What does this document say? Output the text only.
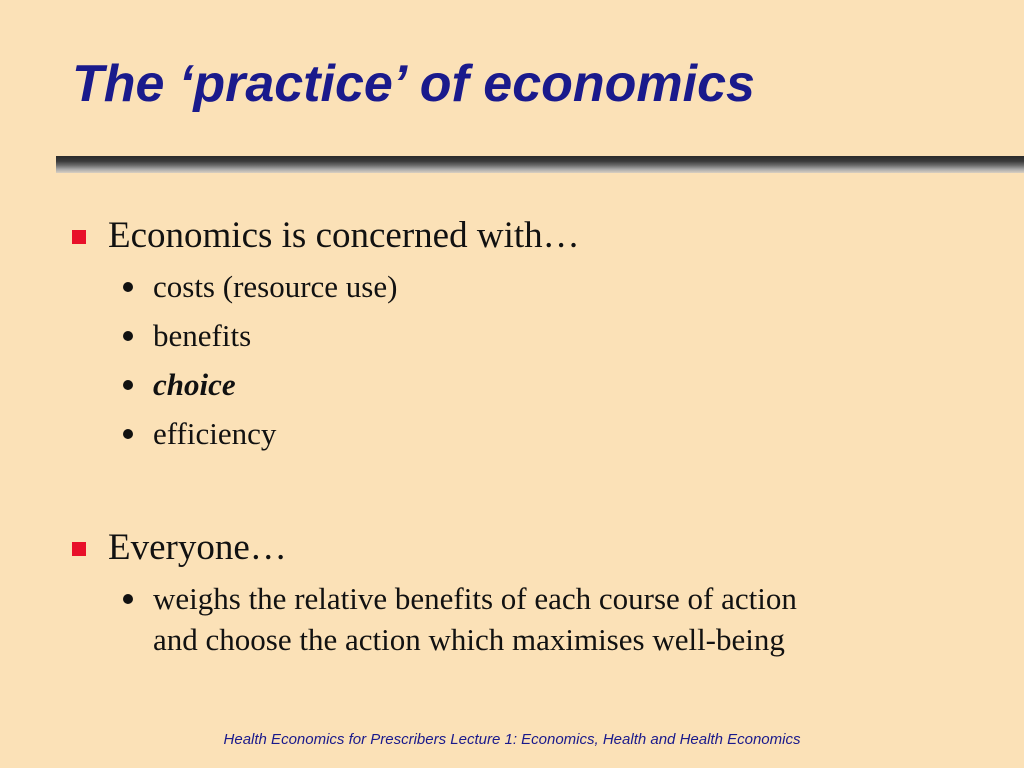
The ‘practice’ of economics
Economics is concerned with…
costs (resource use)
benefits
choice
efficiency
Everyone…
weighs the relative benefits of each course of action
and choose the action which maximises well-being
Health Economics for Prescribers Lecture 1: Economics, Health and Health Economics
